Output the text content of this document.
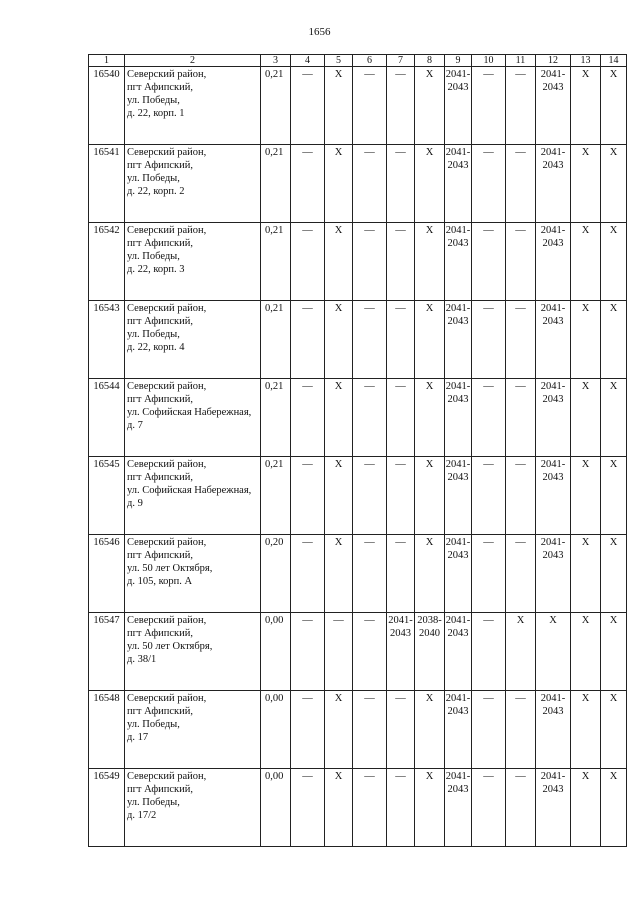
1656
1	2	3	4	5	6	7	8	9	10	11	12	13	14
16540	Северский район,
пгт Афипский,
ул. Победы,
д. 22, корп. 1	0,21	—	X	—	—	X	2041-
2043	—	—	2041-
2043	X	X
16541	Северский район,
пгт Афипский,
ул. Победы,
д. 22, корп. 2	0,21	—	X	—	—	X	2041-
2043	—	—	2041-
2043	X	X
16542	Северский район,
пгт Афипский,
ул. Победы,
д. 22, корп. 3	0,21	—	X	—	—	X	2041-
2043	—	—	2041-
2043	X	X
16543	Северский район,
пгт Афипский,
ул. Победы,
д. 22, корп. 4	0,21	—	X	—	—	X	2041-
2043	—	—	2041-
2043	X	X
16544	Северский район,
пгт Афипский,
ул. Софийская Набережная,
д. 7	0,21	—	X	—	—	X	2041-
2043	—	—	2041-
2043	X	X
16545	Северский район,
пгт Афипский,
ул. Софийская Набережная,
д. 9	0,21	—	X	—	—	X	2041-
2043	—	—	2041-
2043	X	X
16546	Северский район,
пгт Афипский,
ул. 50 лет Октября,
д. 105, корп. А	0,20	—	X	—	—	X	2041-
2043	—	—	2041-
2043	X	X
16547	Северский район,
пгт Афипский,
ул. 50 лет Октября,
д. 38/1	0,00	—	—	—	2041-
2043	2038-
2040	2041-
2043	—	X	X	X	X
16548	Северский район,
пгт Афипский,
ул. Победы,
д. 17	0,00	—	X	—	—	X	2041-
2043	—	—	2041-
2043	X	X
16549	Северский район,
пгт Афипский,
ул. Победы,
д. 17/2	0,00	—	X	—	—	X	2041-
2043	—	—	2041-
2043	X	X
